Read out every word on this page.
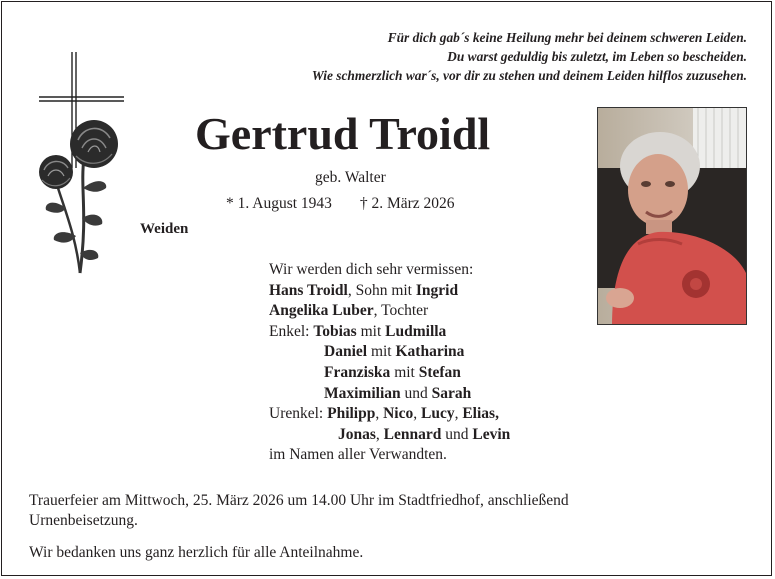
Für dich gab´s keine Heilung mehr bei deinem schweren Leiden.
Du warst geduldig bis zuletzt, im Leben so bescheiden.
Wie schmerzlich war´s, vor dir zu stehen und deinem Leiden hilflos zuzusehen.
Gertrud Troidl
geb. Walter
* 1. August 1943 † 2. März 2026
Weiden
Wir werden dich sehr vermissen:
Hans Troidl, Sohn mit Ingrid
Angelika Luber, Tochter
Enkel: Tobias mit Ludmilla
Daniel mit Katharina
Franziska mit Stefan
Maximilian und Sarah
Urenkel: Philipp, Nico, Lucy, Elias,
Jonas, Lennard und Levin
im Namen aller Verwandten.
Trauerfeier am Mittwoch, 25. März 2026 um 14.00 Uhr im Stadtfriedhof, anschließend
Urnenbeisetzung.
Wir bedanken uns ganz herzlich für alle Anteilnahme.
